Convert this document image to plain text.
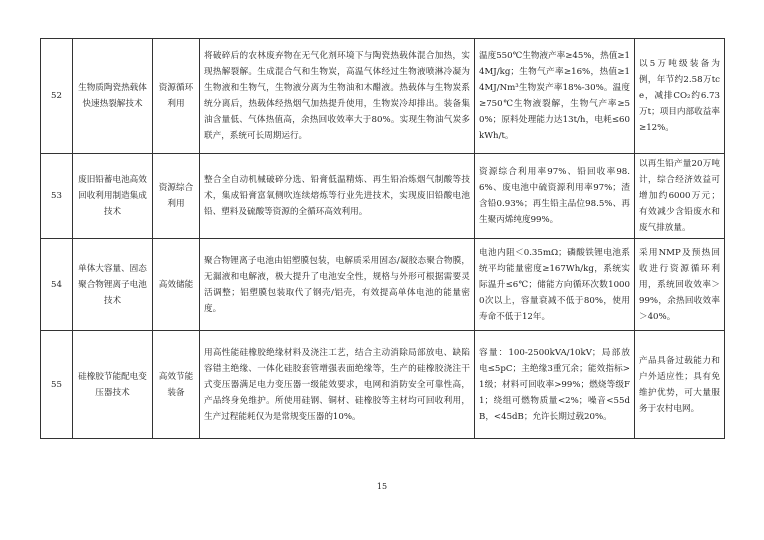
52	生物质陶瓷热载体快速热裂解技术	资源循环利用	将破碎后的农林废弃物在无气化剂环境下与陶瓷热载体混合加热，实现热解裂解。生成混合气和生物炭，高温气体经过生物液喷淋冷凝为生物液和生物气，生物液分离为生物油和木醋液。热载体与生物炭系统分离后，热载体经热烟气加热提升使用，生物炭冷却排出。装备集油含量低、气体热值高，余热回收效率大于80%。实现生物油气炭多联产，系统可长周期运行。	温度550℃生物液产率≥45%，热值≥14MJ/kg；生物气产率≥16%，热值≥14MJ/Nm³生物炭产率18%-30%。温度≥750℃生物液裂解，生物气产率≥50%；原料处理能力达13t/h，电耗≤60kWh/t。	以5万吨级装备为例，年节约2.58万tce，减排CO₂约6.73万t；项目内部收益率≥12%。
53	废旧铅蓄电池高效回收利用制造集成技术	资源综合利用	整合全自动机械破碎分选、铅膏低温精炼、再生铅冶炼烟气制酸等技术，集成铅膏富氧侧吹连续熔炼等行业先进技术，实现废旧铅酸电池铅、塑料及硫酸等资源的全循环高效利用。	资源综合利用率97%、铅回收率98.6%、废电池中硫资源利用率97%；渣含铅0.93%；再生铅主品位98.5%、再生聚丙烯纯度99%。	以再生铅产量20万吨计，综合经济效益可增加约6000万元；有效减少含铅废水和废气排放量。
54	单体大容量、固态聚合物锂离子电池技术	高效储能	聚合物锂离子电池由铝塑膜包装，电解质采用固态/凝胶态聚合物膜，无漏液和电解液，极大提升了电池安全性，规格与外形可根据需要灵活调整；铝塑膜包装取代了钢壳/铝壳，有效提高单体电池的能量密度。	电池内阻＜0.35mΩ；磷酸铁锂电池系统平均能量密度≥167Wh/kg，系统实际温升≤6℃；储能方向循环次数10000次以上，容量衰减不低于80%，使用寿命不低于12年。	采用NMP及预热回收进行资源循环利用，系统回收效率＞99%，余热回收效率＞40%。
55	硅橡胶节能配电变压器技术	高效节能装备	用高性能硅橡胶绝缘材料及浇注工艺，结合主动消除局部放电、缺陷容错主绝缘、一体化硅胶套管增强表面绝缘等，生产的硅橡胶浇注干式变压器满足电力变压器一级能效要求，电网和消防安全可靠性高，产品终身免维护。所使用硅钢、铜材、硅橡胶等主材均可回收利用，生产过程能耗仅为是常规变压器的10%。	容量：100-2500kVA/10kV；局部放电≤5pC；主绝缘3重冗余；能效指标>1级；材料可回收率>99%；燃烧等级F1；绕组可燃物质量<2%；噪音<55dB，<45dB；允许长期过载20%。	产品具备过载能力和户外适应性；具有免维护优势，可大量服务于农村电网。
15
